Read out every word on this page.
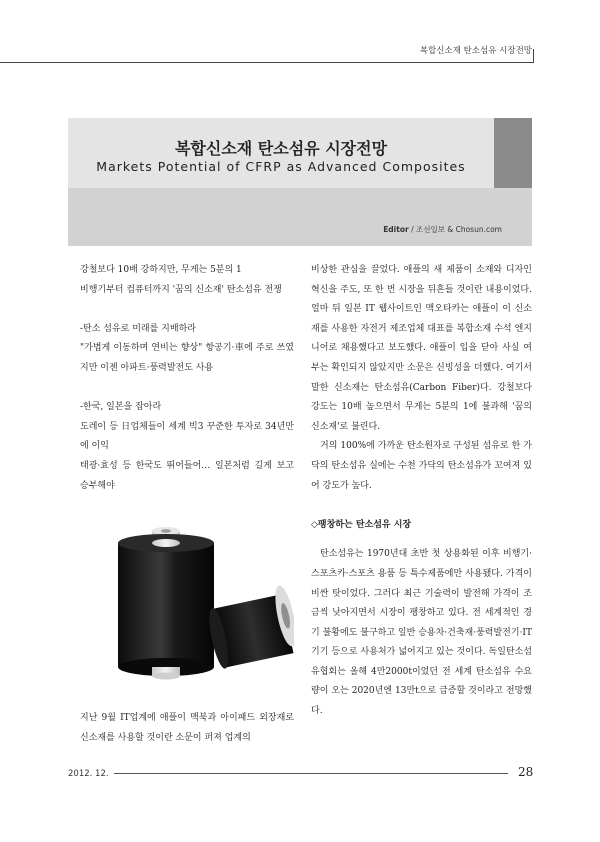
복합신소재 탄소섬유 시장전망
복합신소재 탄소섬유 시장전망
Markets Potential of CFRP as Advanced Composites
Editor / 조선일보 & Chosun.com

강철보다 10배 강하지만, 무게는 5분의 1

비행기부터 컴퓨터까지 '꿈의 신소재' 탄소섬유 전쟁

-탄소 섬유로 미래를 지배하라

"가볍게 이동하며 연비는 향상" 항공기·車에 주로 쓰였지만 이젠 아파트·풍력발전도 사용

-한국, 일본을 잡아라

도레이 등 日업체들이 세계 빅3 꾸준한 투자로 34년만에 이익

태광·효성 등 한국도 뛰어들어… 일본처럼 길게 보고 승부해야

지난 9월 IT업계에 애플이 맥북과 아이패드 외장재로 신소재를 사용할 것이란 소문이 퍼져 업계의

비상한 관심을 끌었다. 애플의 새 제품이 소재와 디자인 혁신을 주도, 또 한 번 시장을 뒤흔들 것이란 내용이었다. 얼마 뒤 일본 IT 웹사이트인 맥오타카는 애플이 이 신소재를 사용한 자전거 제조업체 대표를 복합소재 수석 엔지니어로 채용했다고 보도했다. 애플이 입을 닫아 사실 여부는 확인되지 않았지만 소문은 신빙성을 더했다. 여기서 말한 신소재는 탄소섬유(Carbon Fiber)다. 강철보다 강도는 10배 높으면서 무게는 5분의 1에 불과해 '꿈의 신소재'로 불린다.

거의 100%에 가까운 탄소원자로 구성된 섬유로 한 가닥의 탄소섬유 실에는 수천 가닥의 탄소섬유가 꼬여져 있어 강도가 높다.

◇팽창하는 탄소섬유 시장

탄소섬유는 1970년대 초반 첫 상용화된 이후 비행기·스포츠카·스포츠 용품 등 특수제품에만 사용됐다. 가격이 비싼 탓이었다. 그러다 최근 기술력이 발전해 가격이 조금씩 낮아지면서 시장이 팽창하고 있다. 전 세계적인 경기 불황에도 불구하고 일반 승용차·건축재·풍력발전기·IT 기기 등으로 사용처가 넓어지고 있는 것이다. 독일탄소섬유협회는 올해 4만2000t이었던 전 세계 탄소섬유 수요량이 오는 2020년엔 13만t으로 급증할 것이라고 전망했다.

2012. 12.	28
